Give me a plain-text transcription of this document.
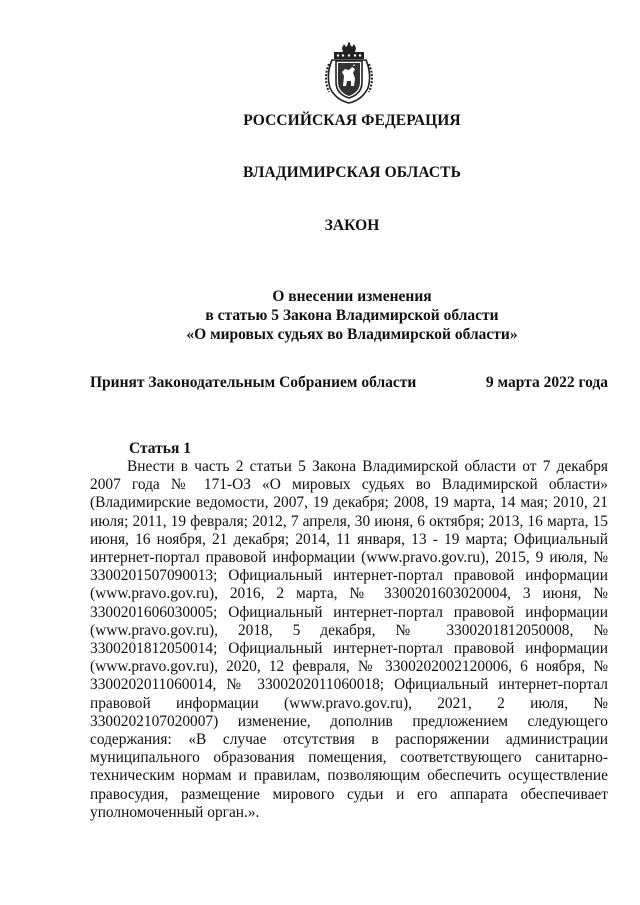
РОССИЙСКАЯ ФЕДЕРАЦИЯ
ВЛАДИМИРСКАЯ ОБЛАСТЬ
ЗАКОН
О внесении изменения
в статью 5 Закона Владимирской области
«О мировых судьях во Владимирской области»
Принят Законодательным Собранием области	9 марта 2022 года
Статья 1

Внести в часть 2 статьи 5 Закона Владимирской области от 7 декабря 2007 года № 171-ОЗ «О мировых судьях во Владимирской области» (Владимирские ведомости, 2007, 19 декабря; 2008, 19 марта, 14 мая; 2010, 21 июля; 2011, 19 февраля; 2012, 7 апреля, 30 июня, 6 октября; 2013, 16 марта, 15 июня, 16 ноября, 21 декабря; 2014, 11 января, 13 - 19 марта; Официальный интернет-портал правовой информации (www.pravo.gov.ru), 2015, 9 июля, № 3300201507090013; Официальный интернет-портал правовой информации (www.pravo.gov.ru), 2016, 2 марта, № 3300201603020004, 3 июня, № 3300201606030005; Официальный интернет-портал правовой информации (www.pravo.gov.ru), 2018, 5 декабря, № 3300201812050008, № 3300201812050014; Официальный интернет-портал правовой информации (www.pravo.gov.ru), 2020, 12 февраля, № 3300202002120006, 6 ноября, № 3300202011060014, № 3300202011060018; Официальный интернет-портал правовой информации (www.pravo.gov.ru), 2021, 2 июля, № 3300202107020007) изменение, дополнив предложением следующего содержания: «В случае отсутствия в распоряжении администрации муниципального образования помещения, соответствующего санитарно-техническим нормам и правилам, позволяющим обеспечить осуществление правосудия, размещение мирового судьи и его аппарата обеспечивает уполномоченный орган.».
